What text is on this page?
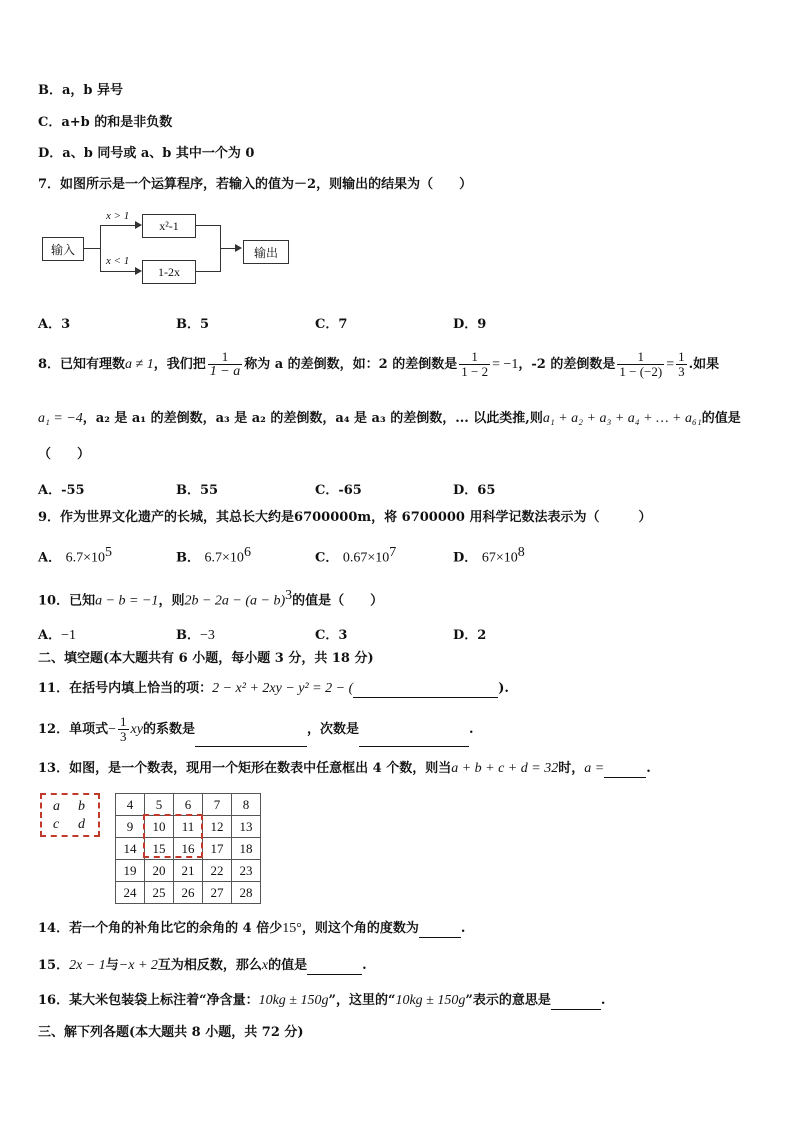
B．a，b 异号
C．a+b 的和是非负数
D．a、b 同号或 a、b 其中一个为 0
7．如图所示是一个运算程序，若输入的值为－2，则输出的结果为（　　）
输入
x > 1
x < 1
x²-1
1-2x
输出
A．3	B．5	C．7	D．9
8．已知有理数a ≠ 1，我们把 $\frac{1}{1 - a}$ 称为 a 的差倒数，如：2 的差倒数是 $\frac{1}{1 - 2} = -1$，-2 的差倒数是 $\frac{1}{1 - (-2)} = \frac{1}{3}$ .如果
a₁ = −4，a₂ 是 a₁ 的差倒数，a₃ 是 a₂ 的差倒数，a₄ 是 a₃ 的差倒数，... 以此类推,则a₁ + a₂ + a₃ + a₄ + … + a₆₁的值是
（　　）
A．-55	B．55	C．-65	D．65
9．作为世界文化遗产的长城，其总长大约是6700000m，将 6700000 用科学记数法表示为（　　　）
A． $6.7\times 10^5$	B． $6.7\times 10^6$	C． $0.67\times 10^7$	D． $67\times 10^8$
10．已知a − b = −1，则$2b - 2a - (a - b)^3$的值是（　　）
A．−1	B．−3	C．3	D．2
二、填空题(本大题共有 6 小题，每小题 3 分，共 18 分)
11．在括号内填上恰当的项：2 − x² + 2xy − y² = 2 − (	).
12．单项式− $\frac{1}{3}$ xy的系数是	，次数是	.
13．如图，是一个数表，现用一个矩形在数表中任意框出 4 个数，则当a + b + c + d = 32时，a =	.
a b
c d
4	5	6	7	8
9	10	11	12	13
14	15	16	17	18
19	20	21	22	23
24	25	26	27	28
14．若一个角的补角比它的余角的 4 倍少15°，则这个角的度数为	.
15．2x − 1与−x + 2互为相反数，那么x的值是	.
16．某大米包装袋上标注着“净含量：10kg ± 150g”，这里的“10kg ± 150g”表示的意思是	.
三、解下列各题(本大题共 8 小题，共 72 分)
